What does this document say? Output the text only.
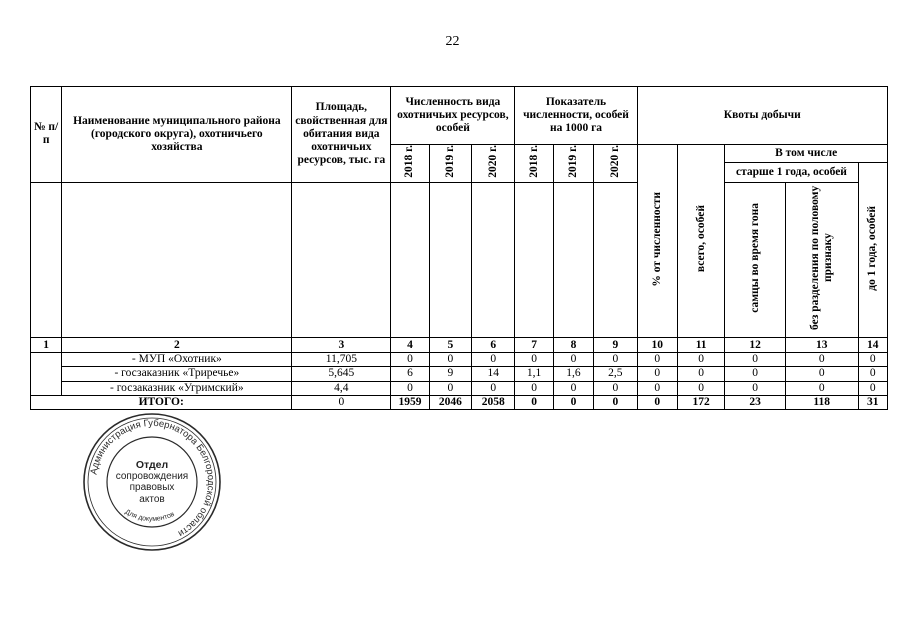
22
№ п/п	Наименование муниципального района (городского округа), охотничьего хозяйства	Площадь, свойственная для обитания вида охотничьих ресурсов, тыс. га	Численность вида охотничьих ресурсов, особей			Показатель численности, особей на 1000 га			Квоты добычи				
			2018 г.	2019 г.	2020 г.	2018 г.	2019 г.	2020 г.	% от численности	всего, особей	В том числе		
											старше 1 года, особей		до 1 года, особей
											самцы во время гона	без разделения по половому признаку	
1	2	3	4	5	6	7	8	9	10	11	12	13	14
	- МУП «Охотник»	11,705	0	0	0	0	0	0	0	0	0	0	0
	- госзаказник «Триречье»	5,645	6	9	14	1,1	1,6	2,5	0	0	0	0	0
	- госзаказник «Угримский»	4,4	0	0	0	0	0	0	0	0	0	0	0
ИТОГО:		0	1959	2046	2058	0	0	0	0	172	23	118	31
Администрация Губернатора Белгородской области
Для документов
Отдел
сопровождения
правовых
актов
